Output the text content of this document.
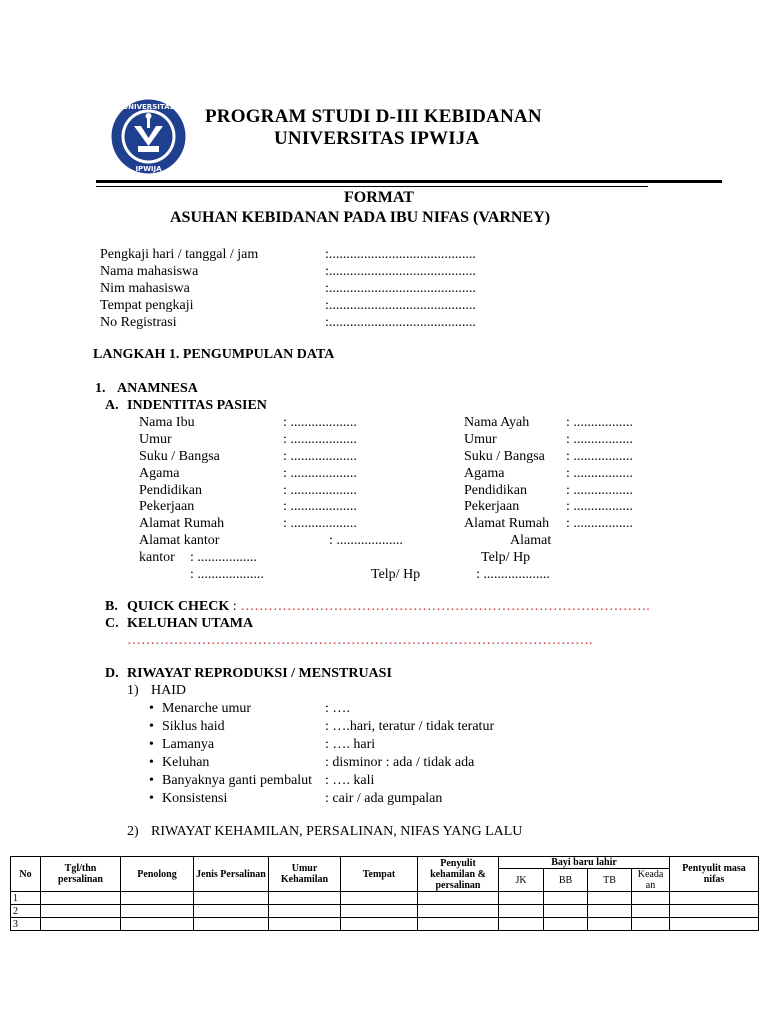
UNIVERSITAS
IPWIJA
PROGRAM STUDI D-III KEBIDANAN
UNIVERSITAS IPWIJA
FORMAT
ASUHAN KEBIDANAN PADA IBU NIFAS (VARNEY)
Pengkaji hari / tanggal / jam	:..........................................
Nama mahasiswa	:..........................................
Nim mahasiswa	:..........................................
Tempat pengkaji	:..........................................
No Registrasi	:..........................................
LANGKAH 1. PENGUMPULAN DATA
1. ANAMNESA
A. INDENTITAS PASIEN
Nama Ibu	: ...................
Umur	: ...................
Suku / Bangsa	: ...................
Agama	: ...................
Pendidikan	: ...................
Pekerjaan	: ...................
Alamat Rumah	: ...................
Nama Ayah	: .................
Umur	: .................
Suku / Bangsa : .................
Agama	: .................
Pendidikan	: .................
Pekerjaan	: .................
Alamat Rumah : .................
Alamat kantor	: ...................	Alamat
kantor : .................	Telp/ Hp
: ...................	Telp/ Hp	: ...................
B. QUICK CHECK : …………………………………………………………………………….
C. KELUHAN UTAMA
……………………………………………………………………………………….
D. RIWAYAT REPRODUKSI / MENSTRUASI
1) HAID
• Menarche umur	: ….
• Siklus haid	: ….hari, teratur / tidak teratur
• Lamanya	: …. hari
• Keluhan	: disminor : ada / tidak ada
• Banyaknya ganti pembalut : …. kali
• Konsistensi	: cair / ada gumpalan
2) RIWAYAT KEHAMILAN, PERSALINAN, NIFAS YANG LALU
No	Tgl/thn persalinan	Penolong	Jenis Persalinan	Umur Kehamilan	Tempat	Penyulit kehamilan & persalinan	Bayi baru lahir				Pentyulit masa nifas
							JK	BB	TB	Keada an	
1											
2											
3											
